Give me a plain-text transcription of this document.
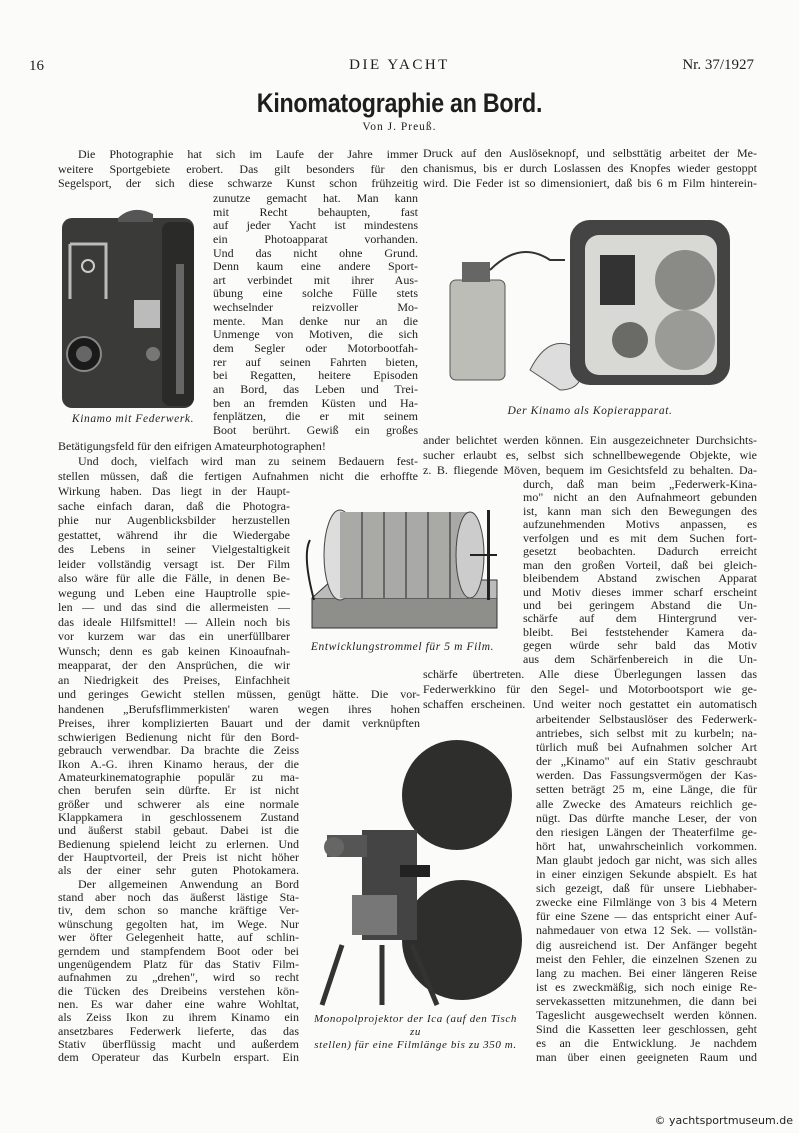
16	DIE YACHT	Nr. 37/1927
Kinomatographie an Bord.
Von J. Preuß.
Die Photographie hat sich im Laufe der Jahre immer
weitere Sportgebiete erobert. Das gilt besonders für den
Segelsport, der sich diese schwarze Kunst schon frühzeitig
zunutze gemacht hat. Man kann
mit Recht behaupten, fast
auf jeder Yacht ist mindestens
ein Photoapparat vorhanden.
Und das nicht ohne Grund.
Denn kaum eine andere Sport-
art verbindet mit ihrer Aus-
übung eine solche Fülle stets
wechselnder reizvoller Mo-
mente. Man denke nur an die
Unmenge von Motiven, die sich
dem Segler oder Motorbootfah-
rer auf seinen Fahrten bieten,
bei Regatten, heitere Episoden
an Bord, das Leben und Trei-
ben an fremden Küsten und Ha-
fenplätzen, die er mit seinem
Boot berührt. Gewiß ein großes
Betätigungsfeld für den eifrigen Amateurphotographen!
Und doch, vielfach wird man zu seinem Bedauern fest-
stellen müssen, daß die fertigen Aufnahmen nicht die erhoffte
Wirkung haben. Das liegt in der Haupt-
sache einfach daran, daß die Photogra-
phie nur Augenblicksbilder herzustellen
gestattet, während ihr die Wiedergabe
des Lebens in seiner Vielgestaltigkeit
leider vollständig versagt ist. Der Film
also wäre für alle die Fälle, in denen Be-
wegung und Leben eine Hauptrolle spie-
len — und das sind die allermeisten —
das ideale Hilfsmittel! — Allein noch bis
vor kurzem war das ein unerfüllbarer
Wunsch; denn es gab keinen Kinoaufnah-
meapparat, der den Ansprüchen, die wir
an Niedrigkeit des Preises, Einfachheit
und geringes Gewicht stellen müssen, genügt hätte. Die vor-
handenen „Berufsflimmerkisten' waren wegen ihres hohen
Preises, ihrer komplizierten Bauart und der damit verknüpften
schwierigen Bedienung nicht für den Bord-
gebrauch verwendbar. Da brachte die Zeiss
Ikon A.-G. ihren Kinamo heraus, der die
Amateurkinematographie populär zu ma-
chen berufen sein dürfte. Er ist nicht
größer und schwerer als eine normale
Klappkamera in geschlossenem Zustand
und äußerst stabil gebaut. Dabei ist die
Bedienung spielend leicht zu erlernen. Und
der Hauptvorteil, der Preis ist nicht höher
als der einer sehr guten Photokamera.
Der allgemeinen Anwendung an Bord
stand aber noch das äußerst lästige Sta-
tiv, dem schon so manche kräftige Ver-
wünschung gegolten hat, im Wege. Nur
wer öfter Gelegenheit hatte, auf schlin-
gerndem und stampfendem Boot oder bei
ungenügendem Platz für das Stativ Film-
aufnahmen zu „drehen", wird so recht
die Tücken des Dreibeins verstehen kön-
nen. Es war daher eine wahre Wohltat,
als Zeiss Ikon zu ihrem Kinamo ein
ansetzbares Federwerk lieferte, das das
Stativ überflüssig macht und außerdem
dem Operateur das Kurbeln erspart. Ein
Druck auf den Auslöseknopf, und selbsttätig arbeitet der Me-
chanismus, bis er durch Loslassen des Knopfes wieder gestoppt
wird. Die Feder ist so dimensioniert, daß bis 6 m Film hinterein-
ander belichtet werden können. Ein ausgezeichneter Durchsichts-
sucher erlaubt es, selbst sich schnellbewegende Objekte, wie
z. B. fliegende Möven, bequem im Gesichtsfeld zu behalten. Da-
durch, daß man beim „Federwerk-Kina-
mo" nicht an den Aufnahmeort gebunden
ist, kann man sich den Bewegungen des
aufzunehmenden Motivs anpassen, es
verfolgen und es mit dem Suchen fort-
gesetzt beobachten. Dadurch erreicht
man den großen Vorteil, daß bei gleich-
bleibendem Abstand zwischen Apparat
und Motiv dieses immer scharf erscheint
und bei geringem Abstand die Un-
schärfe auf dem Hintergrund ver-
bleibt. Bei feststehender Kamera da-
gegen würde sehr bald das Motiv
aus dem Schärfenbereich in die Un-
schärfe übertreten. Alle diese Überlegungen lassen das
Federwerkkino für den Segel- und Motorbootsport wie ge-
schaffen erscheinen. Und weiter noch gestattet ein automatisch
arbeitender Selbstauslöser des Federwerk-
antriebes, sich selbst mit zu kurbeln; na-
türlich muß bei Aufnahmen solcher Art
der „Kinamo" auf ein Stativ geschraubt
werden. Das Fassungsvermögen der Kas-
setten beträgt 25 m, eine Länge, die für
alle Zwecke des Amateurs reichlich ge-
nügt. Das dürfte manche Leser, der von
den riesigen Längen der Theaterfilme ge-
hört hat, unwahrscheinlich vorkommen.
Man glaubt jedoch gar nicht, was sich alles
in einer einzigen Sekunde abspielt. Es hat
sich gezeigt, daß für unsere Liebhaber-
zwecke eine Filmlänge von 3 bis 4 Metern
für eine Szene — das entspricht einer Auf-
nahmedauer von etwa 12 Sek. — vollstän-
dig ausreichend ist. Der Anfänger begeht
meist den Fehler, die einzelnen Szenen zu
lang zu machen. Bei einer längeren Reise
ist es zweckmäßig, sich noch einige Re-
servekassetten mitzunehmen, die dann bei
Tageslicht ausgewechselt werden können.
Sind die Kassetten leer geschlossen, geht
es an die Entwicklung. Je nachdem
man über einen geeigneten Raum und
Kinamo mit Federwerk.
Der Kinamo als Kopierapparat.
Entwicklungstrommel für 5 m Film.
Monopolprojektor der Ica (auf den Tisch zu
stellen) für eine Filmlänge bis zu 350 m.
© yachtsportmuseum.de
